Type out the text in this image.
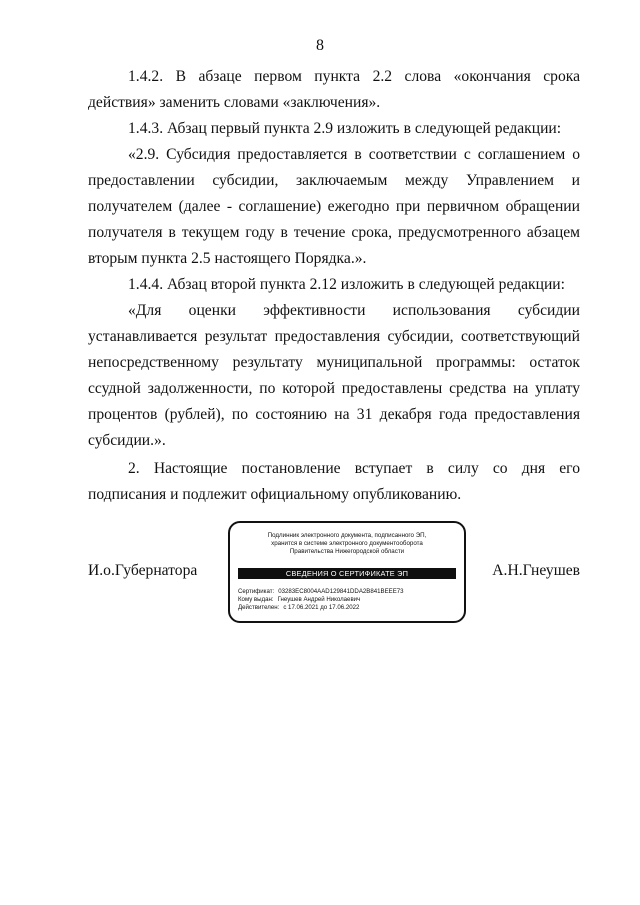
8

1.4.2. В абзаце первом пункта 2.2 слова «окончания срока действия» заменить словами «заключения».

1.4.3. Абзац первый пункта 2.9 изложить в следующей редакции:

«2.9. Субсидия предоставляется в соответствии с соглашением о предоставлении субсидии, заключаемым между Управлением и получателем (далее - соглашение) ежегодно при первичном обращении получателя в текущем году в течение срока, предусмотренного абзацем вторым пункта 2.5 настоящего Порядка.».

1.4.4. Абзац второй пункта 2.12 изложить в следующей редакции:

«Для оценки эффективности использования субсидии устанавливается результат предоставления субсидии, соответствующий непосредственному результату муниципальной программы: остаток ссудной задолженности, по которой предоставлены средства на уплату процентов (рублей), по состоянию на 31 декабря года предоставления субсидии.».

2. Настоящие постановление вступает в силу со дня его подписания и подлежит официальному опубликованию.

И.о.Губернатора
Подлинник электронного документа, подписанного ЭП,
хранится в системе электронного документооборота
Правительства Нижегородской области
СВЕДЕНИЯ О СЕРТИФИКАТЕ ЭП
Сертификат: 03283EC8004AAD129841DDA2B841BEEE73
Кому выдан: Гнеушев Андрей Николаевич
Действителен: с 17.06.2021 до 17.06.2022
А.Н.Гнеушев
